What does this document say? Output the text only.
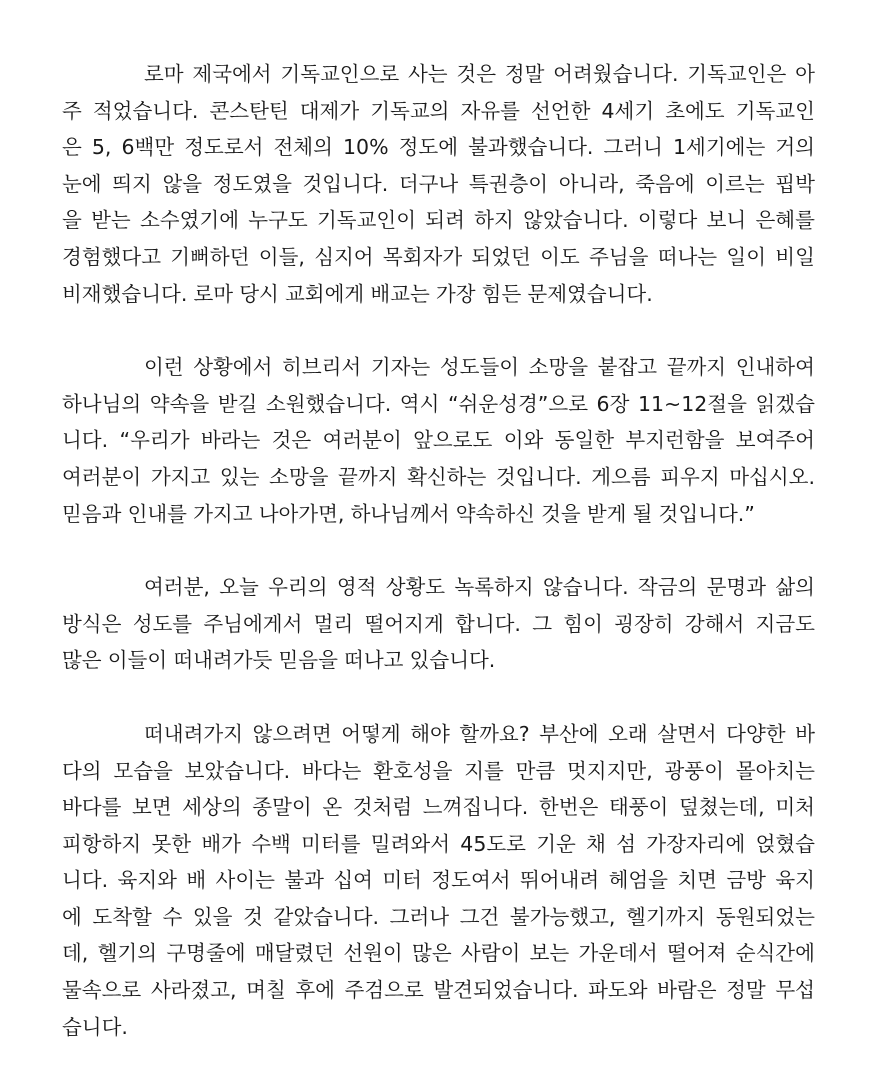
로마 제국에서 기독교인으로 사는 것은 정말 어려웠습니다. 기독교인은 아
주 적었습니다. 콘스탄틴 대제가 기독교의 자유를 선언한 4세기 초에도 기독교인
은 5, 6백만 정도로서 전체의 10% 정도에 불과했습니다. 그러니 1세기에는 거의
눈에 띄지 않을 정도였을 것입니다. 더구나 특권층이 아니라, 죽음에 이르는 핍박
을 받는 소수였기에 누구도 기독교인이 되려 하지 않았습니다. 이렇다 보니 은혜를
경험했다고 기뻐하던 이들, 심지어 목회자가 되었던 이도 주님을 떠나는 일이 비일
비재했습니다. 로마 당시 교회에게 배교는 가장 힘든 문제였습니다.
이런 상황에서 히브리서 기자는 성도들이 소망을 붙잡고 끝까지 인내하여
하나님의 약속을 받길 소원했습니다. 역시 “쉬운성경”으로 6장 11~12절을 읽겠습
니다. “우리가 바라는 것은 여러분이 앞으로도 이와 동일한 부지런함을 보여주어
여러분이 가지고 있는 소망을 끝까지 확신하는 것입니다. 게으름 피우지 마십시오.
믿음과 인내를 가지고 나아가면, 하나님께서 약속하신 것을 받게 될 것입니다.”
여러분, 오늘 우리의 영적 상황도 녹록하지 않습니다. 작금의 문명과 삶의
방식은 성도를 주님에게서 멀리 떨어지게 합니다. 그 힘이 굉장히 강해서 지금도
많은 이들이 떠내려가듯 믿음을 떠나고 있습니다.
떠내려가지 않으려면 어떻게 해야 할까요? 부산에 오래 살면서 다양한 바
다의 모습을 보았습니다. 바다는 환호성을 지를 만큼 멋지지만, 광풍이 몰아치는
바다를 보면 세상의 종말이 온 것처럼 느껴집니다. 한번은 태풍이 덮쳤는데, 미처
피항하지 못한 배가 수백 미터를 밀려와서 45도로 기운 채 섬 가장자리에 얹혔습
니다. 육지와 배 사이는 불과 십여 미터 정도여서 뛰어내려 헤엄을 치면 금방 육지
에 도착할 수 있을 것 같았습니다. 그러나 그건 불가능했고, 헬기까지 동원되었는
데, 헬기의 구명줄에 매달렸던 선원이 많은 사람이 보는 가운데서 떨어져 순식간에
물속으로 사라졌고, 며칠 후에 주검으로 발견되었습니다. 파도와 바람은 정말 무섭
습니다.
